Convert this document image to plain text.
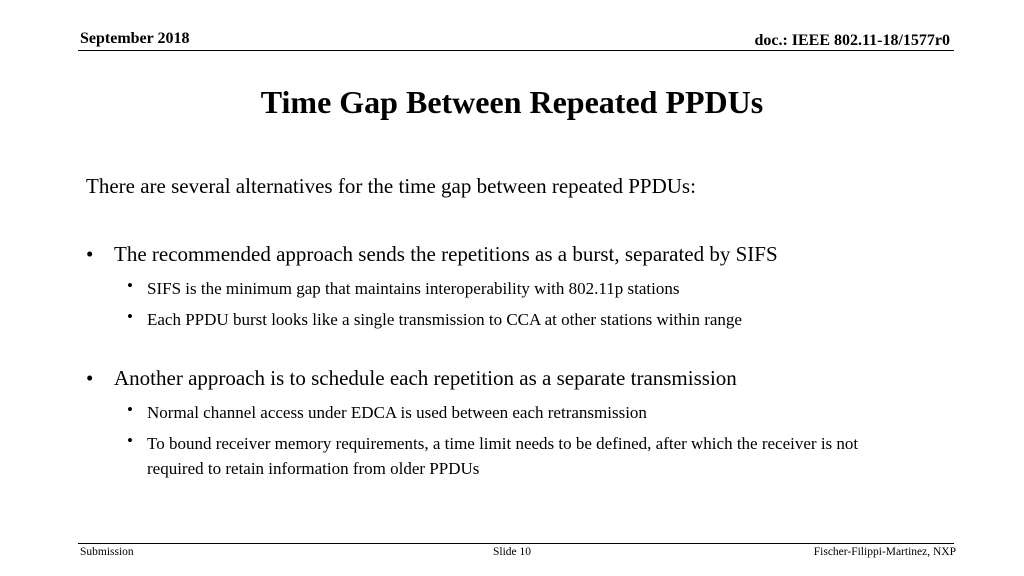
September 2018	doc.: IEEE 802.11-18/1577r0
Time Gap Between Repeated PPDUs
There are several alternatives for the time gap between repeated PPDUs:
• The recommended approach sends the repetitions as a burst, separated by SIFS
• SIFS is the minimum gap that maintains interoperability with 802.11p stations
• Each PPDU burst looks like a single transmission to CCA at other stations within range
• Another approach is to schedule each repetition as a separate transmission
• Normal channel access under EDCA is used between each retransmission
• To bound receiver memory requirements, a time limit needs to be defined, after which the receiver is not required to retain information from older PPDUs
Submission	Slide 10	Fischer-Filippi-Martinez, NXP
